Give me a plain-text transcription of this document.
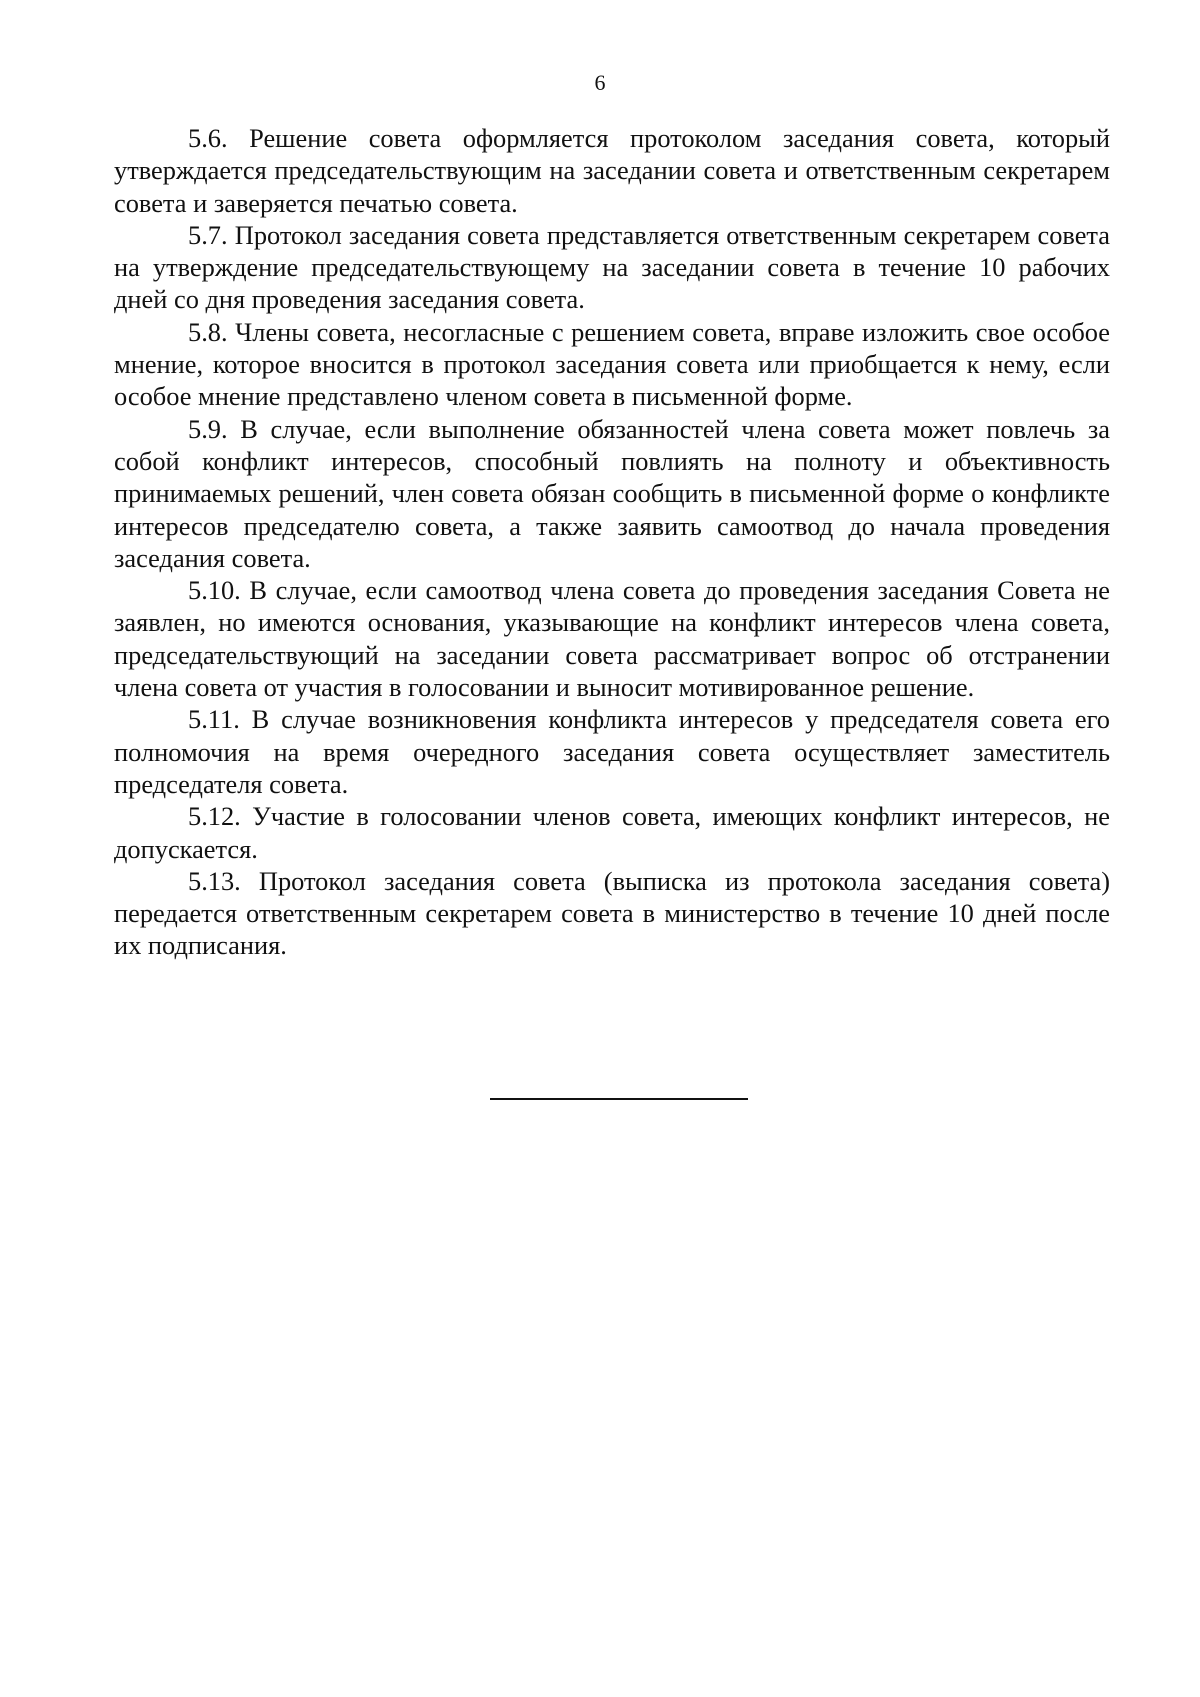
6

5.6. Решение совета оформляется протоколом заседания совета, который утверждается председательствующим на заседании совета и ответственным секретарем совета и заверяется печатью совета.

5.7. Протокол заседания совета представляется ответственным секретарем совета на утверждение председательствующему на заседании совета в течение 10 рабочих дней со дня проведения заседания совета.

5.8. Члены совета, несогласные с решением совета, вправе изложить свое особое мнение, которое вносится в протокол заседания совета или приобщается к нему, если особое мнение представлено членом совета в письменной форме.

5.9. В случае, если выполнение обязанностей члена совета может повлечь за собой конфликт интересов, способный повлиять на полноту и объективность принимаемых решений, член совета обязан сообщить в письменной форме о конфликте интересов председателю совета, а также заявить самоотвод до начала проведения заседания совета.

5.10. В случае, если самоотвод члена совета до проведения заседания Совета не заявлен, но имеются основания, указывающие на конфликт интересов члена совета, председательствующий на заседании совета рассматривает вопрос об отстранении члена совета от участия в голосовании и выносит мотивированное решение.

5.11. В случае возникновения конфликта интересов у председателя совета его полномочия на время очередного заседания совета осуществляет заместитель председателя совета.

5.12. Участие в голосовании членов совета, имеющих конфликт интересов, не допускается.

5.13. Протокол заседания совета (выписка из протокола заседания совета) передается ответственным секретарем совета в министерство в течение 10 дней после их подписания.
